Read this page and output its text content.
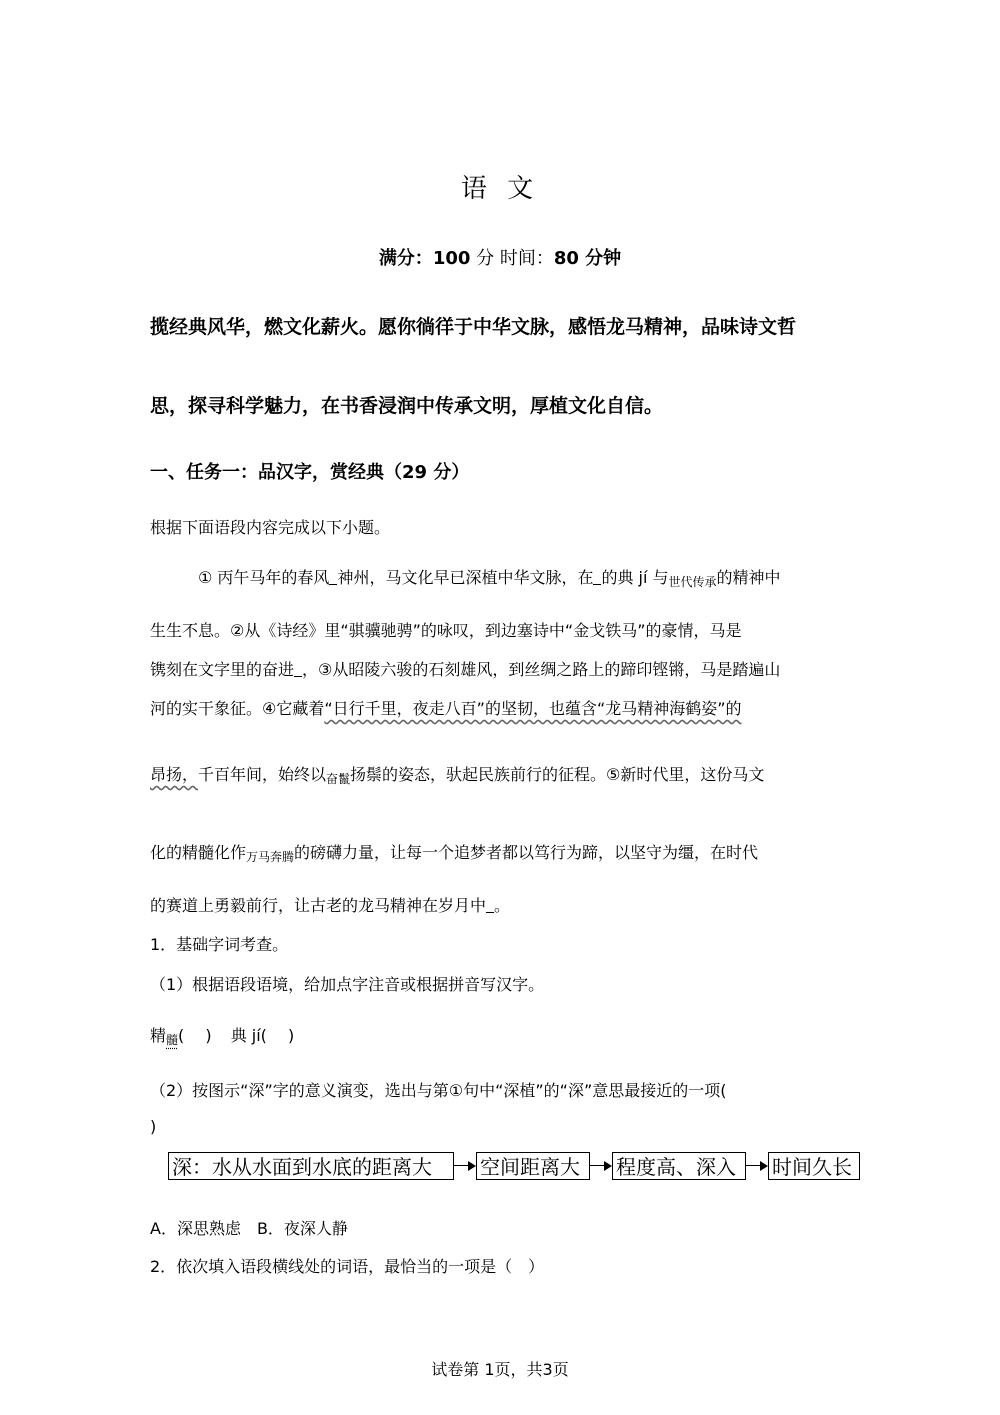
语 文
满分：100 分 时间：80 分钟
揽经典风华，燃文化薪火。愿你徜徉于中华文脉，感悟龙马精神，品味诗文哲
思，探寻科学魅力，在书香浸润中传承文明，厚植文化自信。
一、任务一：品汉字，赏经典（29 分）
根据下面语段内容完成以下小题。
① 丙午马年的春风 神州，马文化早已深植中华文脉，在 的典 jí 与$_{世代传承}$的精神中
生生不息。②从《诗经》里“骐骥驰骋”的咏叹，到边塞诗中“金戈铁马”的豪情，马是
镌刻在文字里的奋进 ，③从昭陵六骏的石刻雄风，到丝绸之路上的蹄印铿锵，马是踏遍山
河的实干象征。④它藏着“日行千里，夜走八百”的坚韧，也蕴含“龙马精神海鹤姿”的
昂扬，千百年间，始终以$_{奋鬣}$扬鬃的姿态，驮起民族前行的征程。⑤新时代里，这份马文
化的精髓化作$_{万马奔腾}$的磅礴力量，让每一个追梦者都以笃行为蹄，以坚守为缰，在时代
的赛道上勇毅前行，让古老的龙马精神在岁月中 。
1．基础字词考查。
（1）根据语段语境，给加点字注音或根据拼音写汉字。
精$_髓$(　 ) 典 jí(　 )
（2）按图示“深”字的意义演变，选出与第①句中“深植”的“深”意思最接近的一项(
)
深：水从水面到水底的距离大	空间距离大	程度高、深入	时间久长
A．深思熟虑　B．夜深人静
2．依次填入语段横线处的词语，最恰当的一项是（　）
试卷第 1页，共3页
